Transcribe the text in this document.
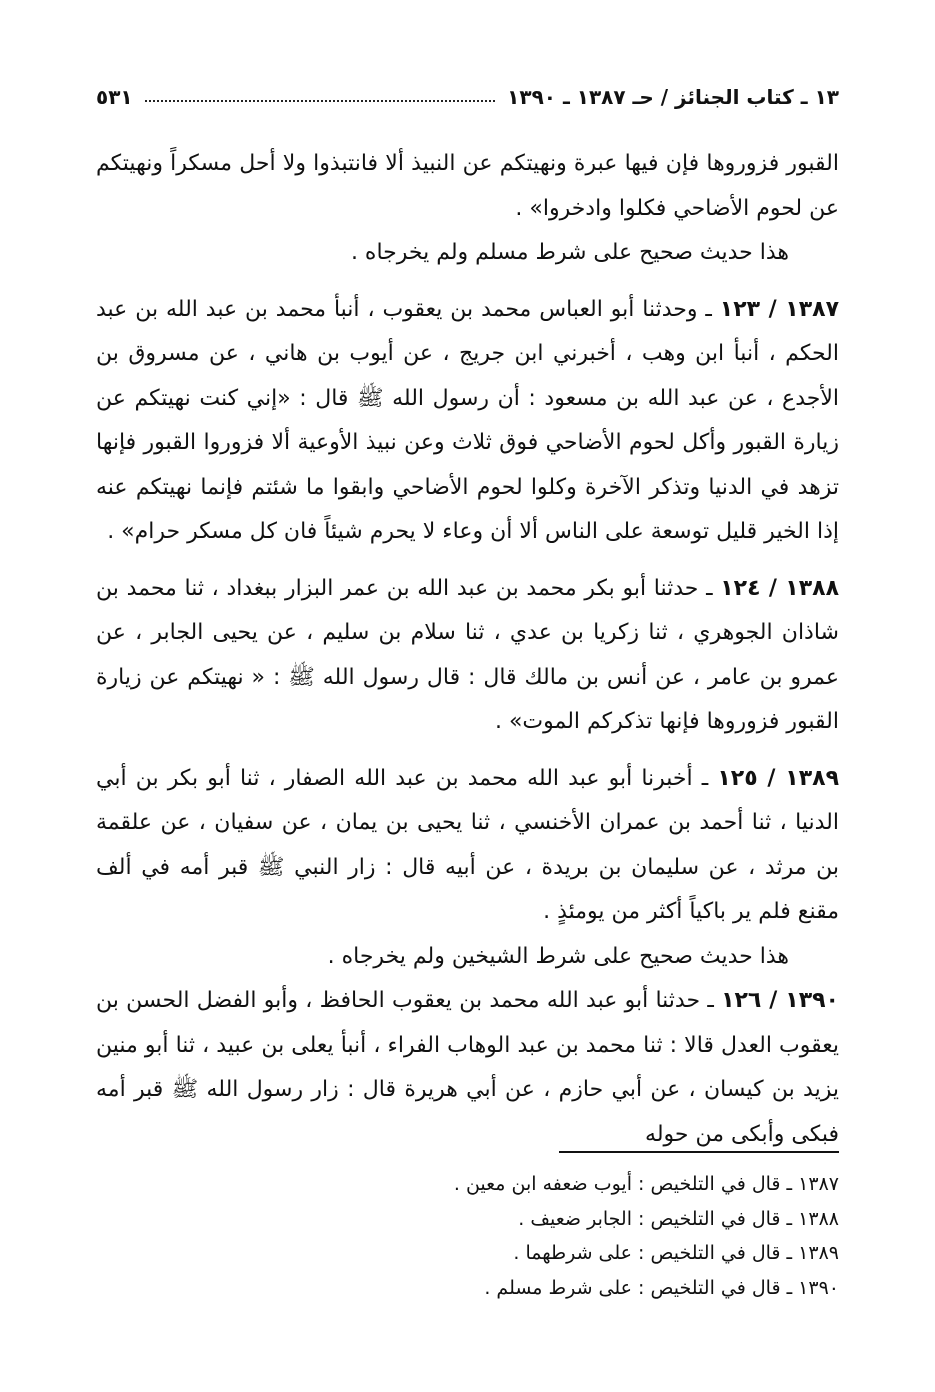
٥٣١	١٣ ـ كتاب الجنائز / حـ ١٣٨٧ ـ ١٣٩٠

القبور فزوروها فإن فيها عبرة ونهيتكم عن النبيذ ألا فانتبذوا ولا أحل مسكراً ونهيتكم عن لحوم الأضاحي فكلوا وادخروا» .

هذا حديث صحيح على شرط مسلم ولم يخرجاه .

١٣٨٧ / ١٢٣ ـ وحدثنا أبو العباس محمد بن يعقوب ، أنبأ محمد بن عبد الله بن عبد الحكم ، أنبأ ابن وهب ، أخبرني ابن جريج ، عن أيوب بن هاني ، عن مسروق بن الأجدع ، عن عبد الله بن مسعود : أن رسول الله ﷺ قال : «إني كنت نهيتكم عن زيارة القبور وأكل لحوم الأضاحي فوق ثلاث وعن نبيذ الأوعية ألا فزوروا القبور فإنها تزهد في الدنيا وتذكر الآخرة وكلوا لحوم الأضاحي وابقوا ما شئتم فإنما نهيتكم عنه إذا الخير قليل توسعة على الناس ألا أن وعاء لا يحرم شيئاً فان كل مسكر حرام» .

١٣٨٨ / ١٢٤ ـ حدثنا أبو بكر محمد بن عبد الله بن عمر البزار ببغداد ، ثنا محمد بن شاذان الجوهري ، ثنا زكريا بن عدي ، ثنا سلام بن سليم ، عن يحيى الجابر ، عن عمرو بن عامر ، عن أنس بن مالك قال : قال رسول الله ﷺ : « نهيتكم عن زيارة القبور فزوروها فإنها تذكركم الموت» .

١٣٨٩ / ١٢٥ ـ أخبرنا أبو عبد الله محمد بن عبد الله الصفار ، ثنا أبو بكر بن أبي الدنيا ، ثنا أحمد بن عمران الأخنسي ، ثنا يحيى بن يمان ، عن سفيان ، عن علقمة بن مرثد ، عن سليمان بن بريدة ، عن أبيه قال : زار النبي ﷺ قبر أمه في ألف مقنع فلم ير باكياً أكثر من يومئذٍ .

هذا حديث صحيح على شرط الشيخين ولم يخرجاه .

١٣٩٠ / ١٢٦ ـ حدثنا أبو عبد الله محمد بن يعقوب الحافظ ، وأبو الفضل الحسن بن يعقوب العدل قالا : ثنا محمد بن عبد الوهاب الفراء ، أنبأ يعلى بن عبيد ، ثنا أبو منين يزيد بن كيسان ، عن أبي حازم ، عن أبي هريرة قال : زار رسول الله ﷺ قبر أمه فبكى وأبكى من حوله

١٣٨٧ ـ قال في التلخيص : أيوب ضعفه ابن معين .

١٣٨٨ ـ قال في التلخيص : الجابر ضعيف .

١٣٨٩ ـ قال في التلخيص : على شرطهما .

١٣٩٠ ـ قال في التلخيص : على شرط مسلم .
